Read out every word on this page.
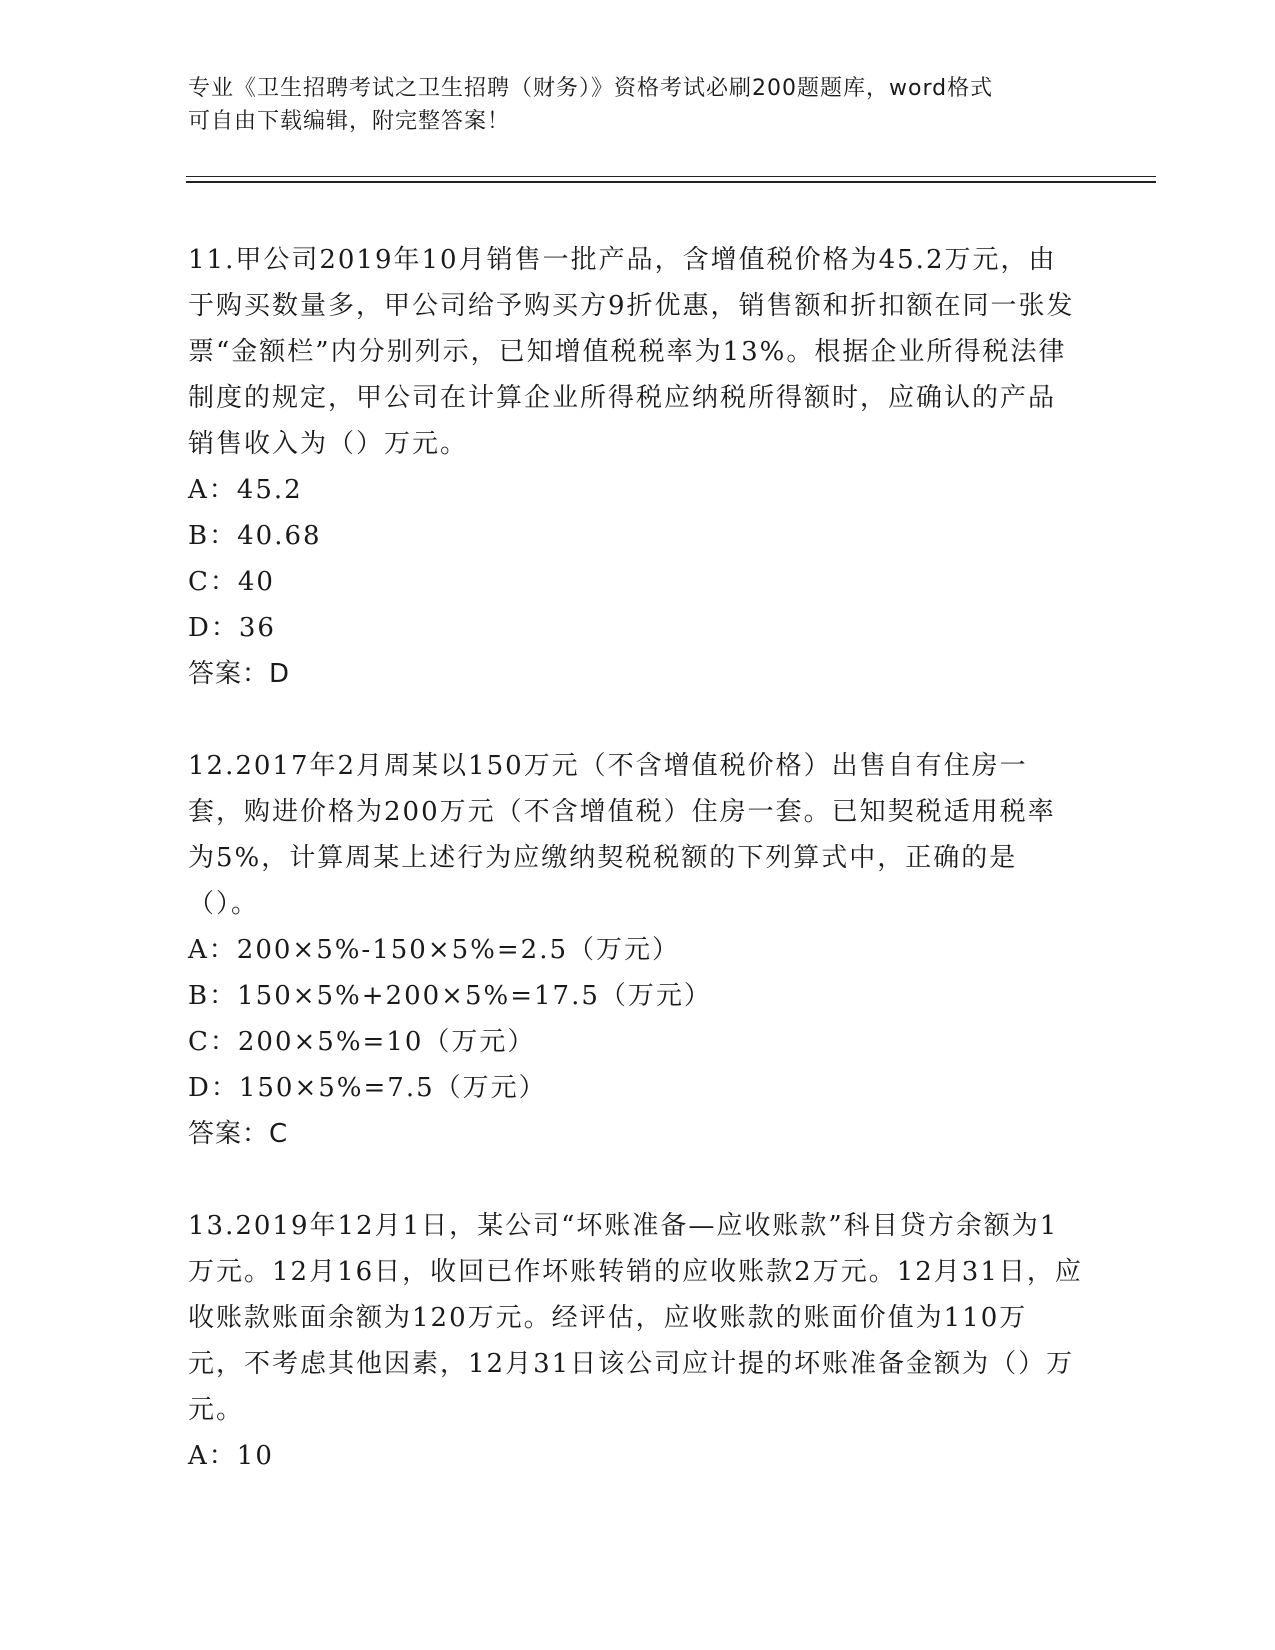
专业《卫生招聘考试之卫生招聘（财务）》资格考试必刷200题题库，word格式
可自由下载编辑，附完整答案！

11.甲公司2019年10月销售一批产品，含增值税价格为45.2万元，由于购买数量多，甲公司给予购买方9折优惠，销售额和折扣额在同一张发票“金额栏”内分别列示，已知增值税税率为13%。根据企业所得税法律制度的规定，甲公司在计算企业所得税应纳税所得额时，应确认的产品销售收入为（）万元。

A：45.2

B：40.68

C：40

D：36

答案：D

12.2017年2月周某以150万元（不含增值税价格）出售自有住房一套，购进价格为200万元（不含增值税）住房一套。已知契税适用税率为5%，计算周某上述行为应缴纳契税税额的下列算式中，正确的是（）。

A：200×5%-150×5%=2.5（万元）

B：150×5%+200×5%=17.5（万元）

C：200×5%=10（万元）

D：150×5%=7.5（万元）

答案：C

13.2019年12月1日，某公司“坏账准备—应收账款”科目贷方余额为1万元。12月16日，收回已作坏账转销的应收账款2万元。12月31日，应收账款账面余额为120万元。经评估，应收账款的账面价值为110万元，不考虑其他因素，12月31日该公司应计提的坏账准备金额为（）万元。

A：10
